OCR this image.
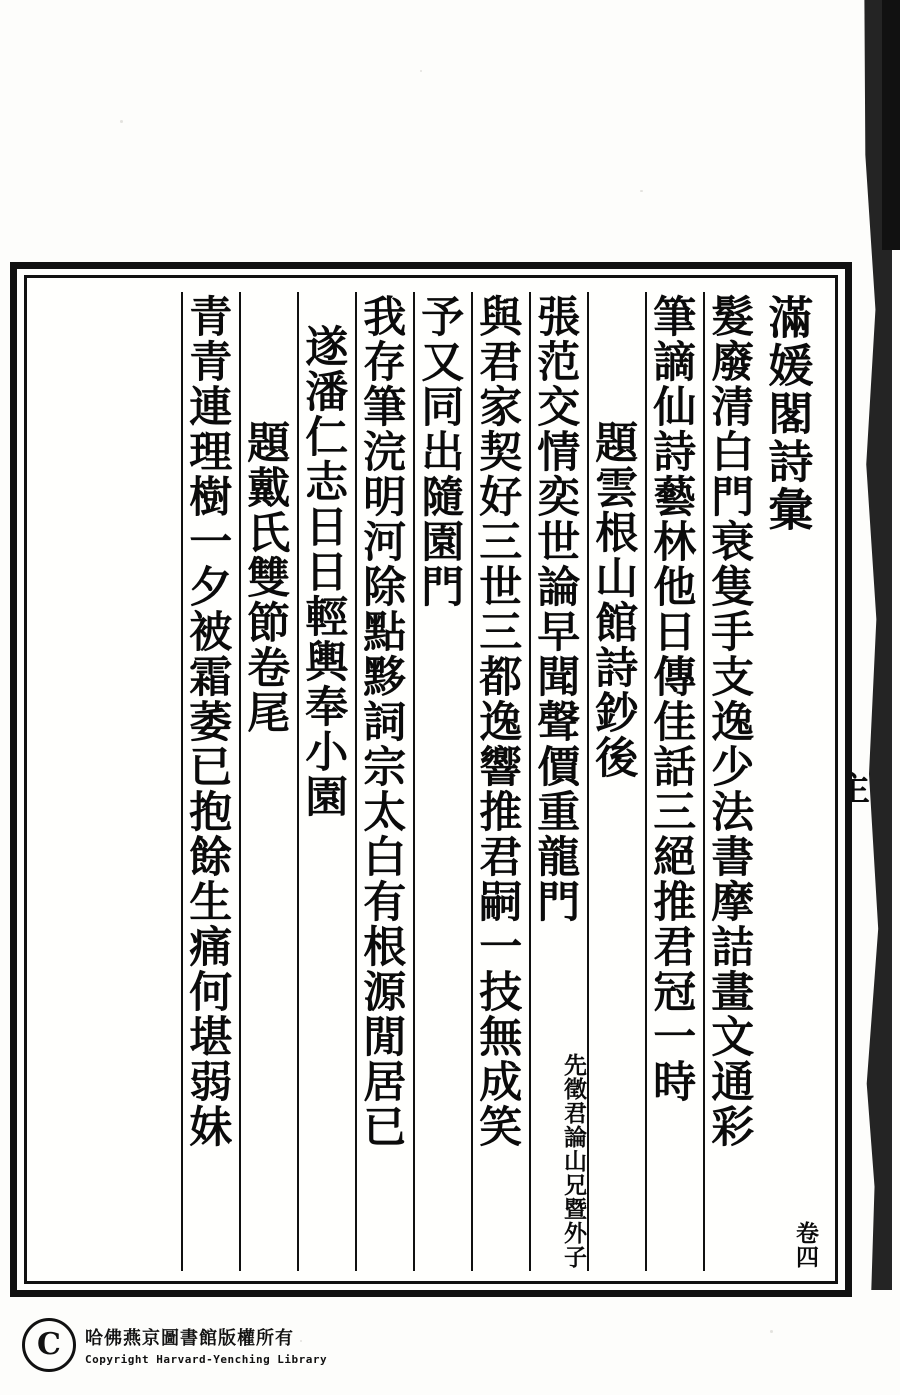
滿媛閣詩彙
卷四
髮廢清白門衰隻手支逸少法書摩詰畫文通彩
筆謫仙詩藝林他日傳佳話三絕推君冠一時
題雲根山館詩鈔後
張范交情奕世論早聞聲價重龍門
先徵君論山兄暨外子
與君家契好三世三都逸響推君嗣一技無成笑
予又同出隨園門
我存筆浣明河除點黟詞宗太白有根源閒居已
遂潘仁志日日輕輿奉小園
題戴氏雙節卷尾
青青連理樹一夕被霜萎已抱餘生痛何堪弱妹
C	哈佛燕京圖書館版權所有
Copyright Harvard-Yenching Library
